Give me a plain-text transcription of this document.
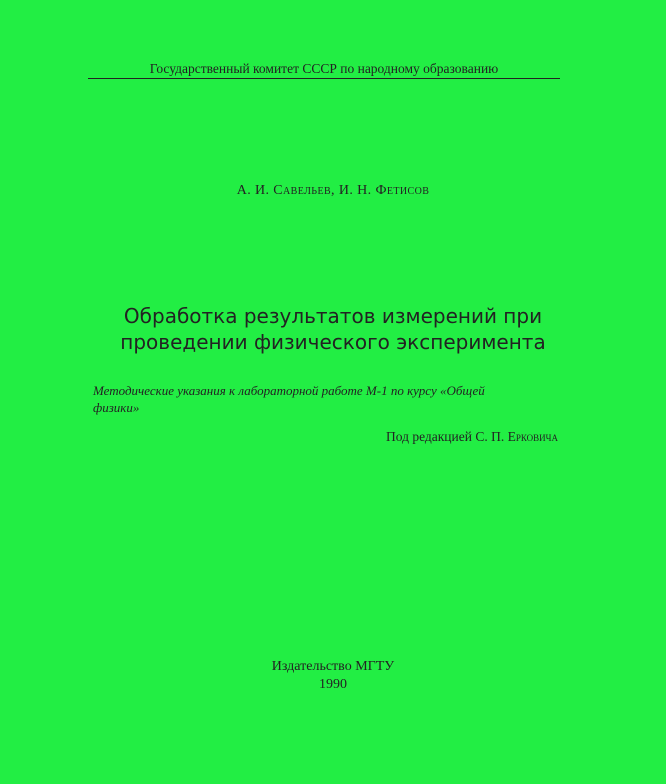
Государственный комитет СССР по народному образованию
А. И. Савельев, И. Н. Фетисов
Обработка результатов измерений при
проведении физического эксперимента
Методические указания к лабораторной работе М-1 по курсу «Общей
физики»
Под редакцией С. П. Ерковича
Издательство МГТУ
1990
